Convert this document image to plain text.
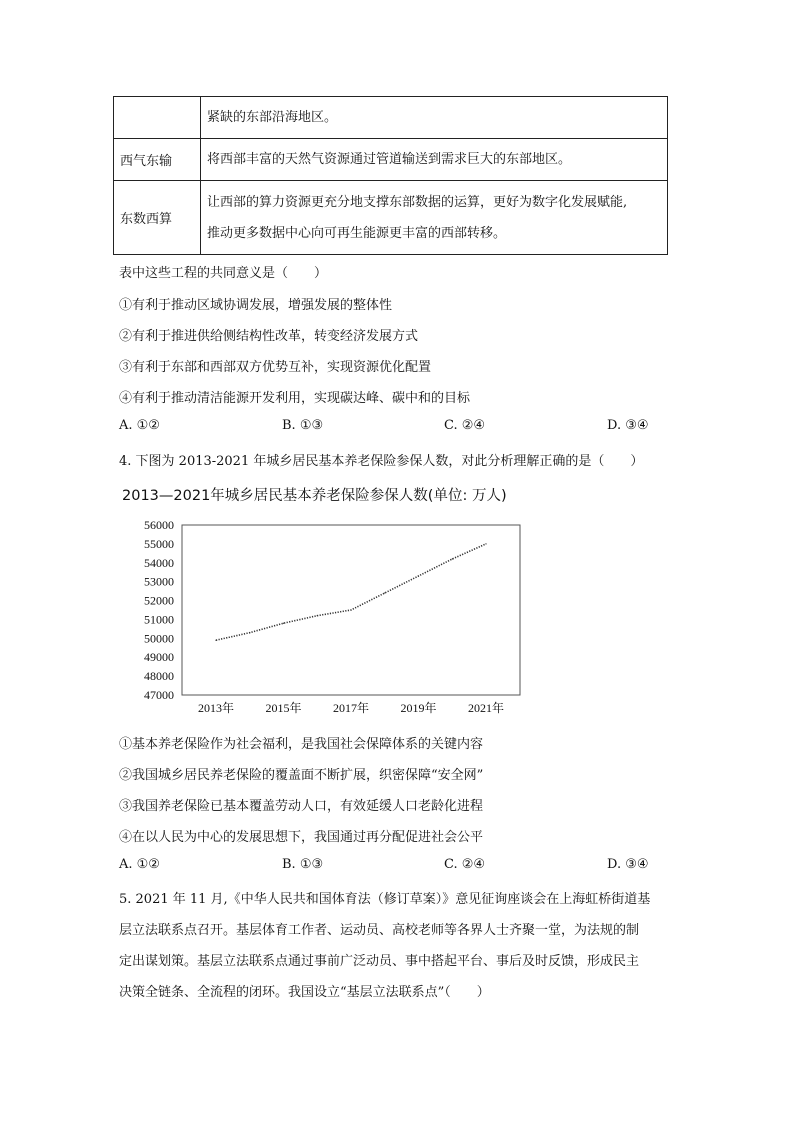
	紧缺的东部沿海地区。

西气东输	将西部丰富的天然气资源通过管道输送到需求巨大的东部地区。

东数西算	让西部的算力资源更充分地支撑东部数据的运算，更好为数字化发展赋能,
推动更多数据中心向可再生能源更丰富的西部转移。
表中这些工程的共同意义是（　　）
①有利于推动区域协调发展，增强发展的整体性
②有利于推进供给侧结构性改革，转变经济发展方式
③有利于东部和西部双方优势互补，实现资源优化配置
④有利于推动清洁能源开发利用，实现碳达峰、碳中和的目标
A. ①②	B. ①③	C. ②④	D. ③④
4. 下图为 2013-2021 年城乡居民基本养老保险参保人数，对此分析理解正确的是（　　）
2013—2021年城乡居民基本养老保险参保人数(单位: 万人)
47000
48000
49000
50000
51000
52000
53000
54000
55000
56000
2013年	2015年	2017年	2019年	2021年
①基本养老保险作为社会福利，是我国社会保障体系的关键内容
②我国城乡居民养老保险的覆盖面不断扩展，织密保障“安全网”
③我国养老保险已基本覆盖劳动人口，有效延缓人口老龄化进程
④在以人民为中心的发展思想下，我国通过再分配促进社会公平
A. ①②	B. ①③	C. ②④	D. ③④
5. 2021 年 11 月,《中华人民共和国体育法（修订草案）》意见征询座谈会在上海虹桥街道基
层立法联系点召开。基层体育工作者、运动员、高校老师等各界人士齐聚一堂，为法规的制
定出谋划策。基层立法联系点通过事前广泛动员、事中搭起平台、事后及时反馈，形成民主
决策全链条、全流程的闭环。我国设立“基层立法联系点”（　　）
